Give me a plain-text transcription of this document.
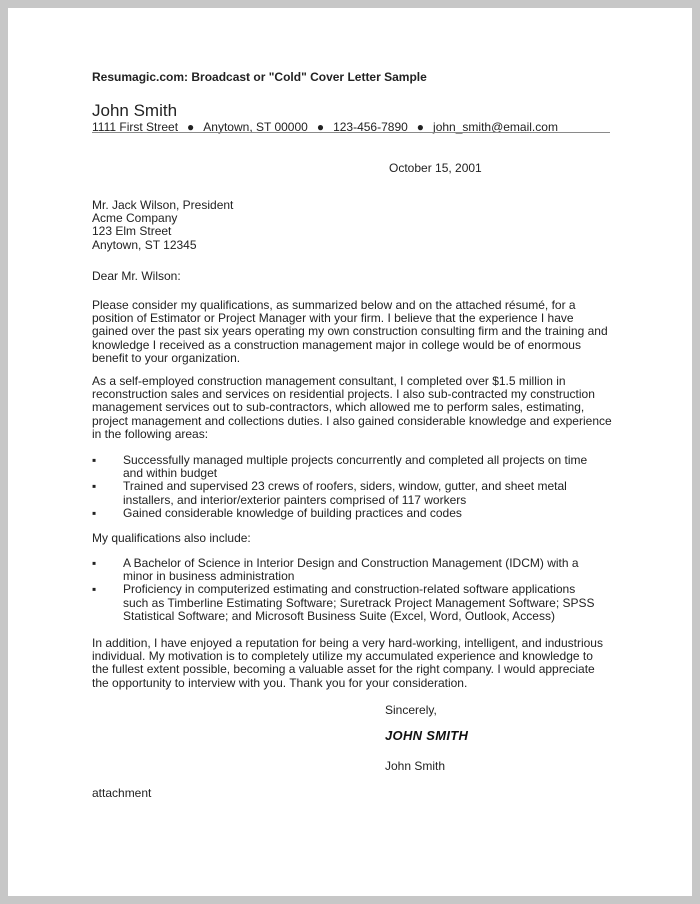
Resumagic.com: Broadcast or "Cold" Cover Letter Sample
John Smith
1111 First Street ● Anytown, ST 00000 ● 123-456-7890 ● john_smith@email.com
October 15, 2001
Mr. Jack Wilson, President
Acme Company
123 Elm Street
Anytown, ST 12345
Dear Mr. Wilson:
Please consider my qualifications, as summarized below and on the attached résumé, for a position of Estimator or Project Manager with your firm. I believe that the experience I have gained over the past six years operating my own construction consulting firm and the training and knowledge I received as a construction management major in college would be of enormous benefit to your organization.
As a self-employed construction management consultant, I completed over $1.5 million in reconstruction sales and services on residential projects. I also sub-contracted my construction management services out to sub-contractors, which allowed me to perform sales, estimating, project management and collections duties. I also gained considerable knowledge and experience in the following areas:
▪ Successfully managed multiple projects concurrently and completed all projects on time and within budget
▪ Trained and supervised 23 crews of roofers, siders, window, gutter, and sheet metal installers, and interior/exterior painters comprised of 117 workers
▪ Gained considerable knowledge of building practices and codes
My qualifications also include:
▪ A Bachelor of Science in Interior Design and Construction Management (IDCM) with a minor in business administration
▪ Proficiency in computerized estimating and construction-related software applications such as Timberline Estimating Software; Suretrack Project Management Software; SPSS Statistical Software; and Microsoft Business Suite (Excel, Word, Outlook, Access)
In addition, I have enjoyed a reputation for being a very hard-working, intelligent, and industrious individual. My motivation is to completely utilize my accumulated experience and knowledge to the fullest extent possible, becoming a valuable asset for the right company. I would appreciate the opportunity to interview with you. Thank you for your consideration.
Sincerely,
JOHN SMITH
John Smith
attachment
